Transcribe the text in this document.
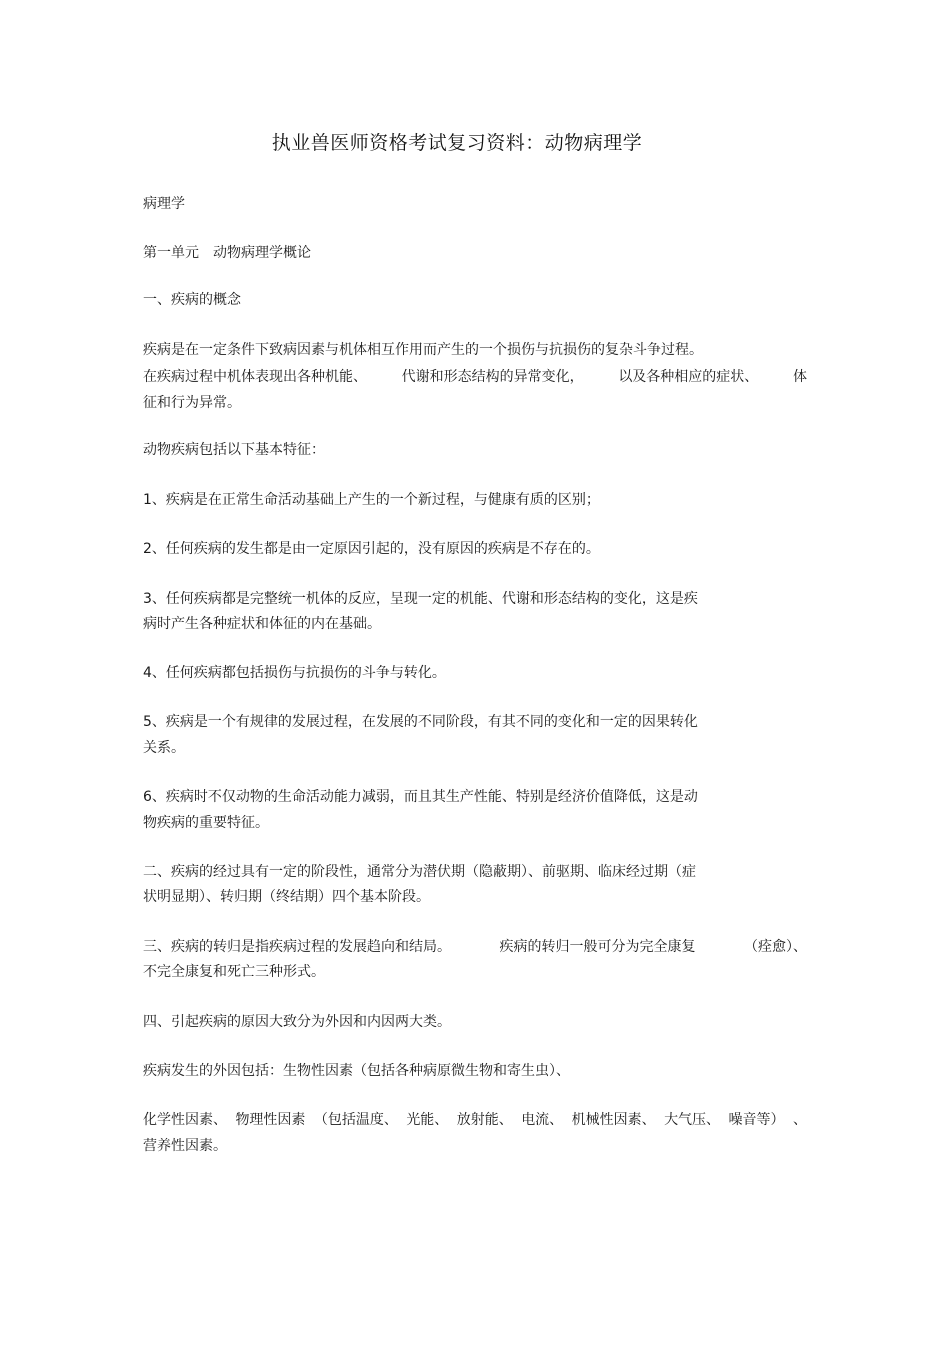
执业兽医师资格考试复习资料：动物病理学
病理学
第一单元　动物病理学概论
一、疾病的概念
疾病是在一定条件下致病因素与机体相互作用而产生的一个损伤与抗损伤的复杂斗争过程。
在疾病过程中机体表现出各种机能、 代谢和形态结构的异常变化， 以及各种相应的症状、 体
征和行为异常。
动物疾病包括以下基本特征：
1、疾病是在正常生命活动基础上产生的一个新过程，与健康有质的区别；
2、任何疾病的发生都是由一定原因引起的，没有原因的疾病是不存在的。
3、任何疾病都是完整统一机体的反应，呈现一定的机能、代谢和形态结构的变化，这是疾
病时产生各种症状和体征的内在基础。
4、任何疾病都包括损伤与抗损伤的斗争与转化。
5、疾病是一个有规律的发展过程，在发展的不同阶段，有其不同的变化和一定的因果转化
关系。
6、疾病时不仅动物的生命活动能力减弱，而且其生产性能、特别是经济价值降低，这是动
物疾病的重要特征。
二、疾病的经过具有一定的阶段性，通常分为潜伏期（隐蔽期）、前驱期、临床经过期（症
状明显期）、转归期（终结期）四个基本阶段。
三、疾病的转归是指疾病过程的发展趋向和结局。	疾病的转归一般可分为完全康复	（痊愈）、
不完全康复和死亡三种形式。
四、引起疾病的原因大致分为外因和内因两大类。
疾病发生的外因包括：生物性因素（包括各种病原微生物和寄生虫）、
化学性因素、 物理性因素 （包括温度、 光能、 放射能、 电流、 机械性因素、 大气压、 噪音等） 、
营养性因素。
